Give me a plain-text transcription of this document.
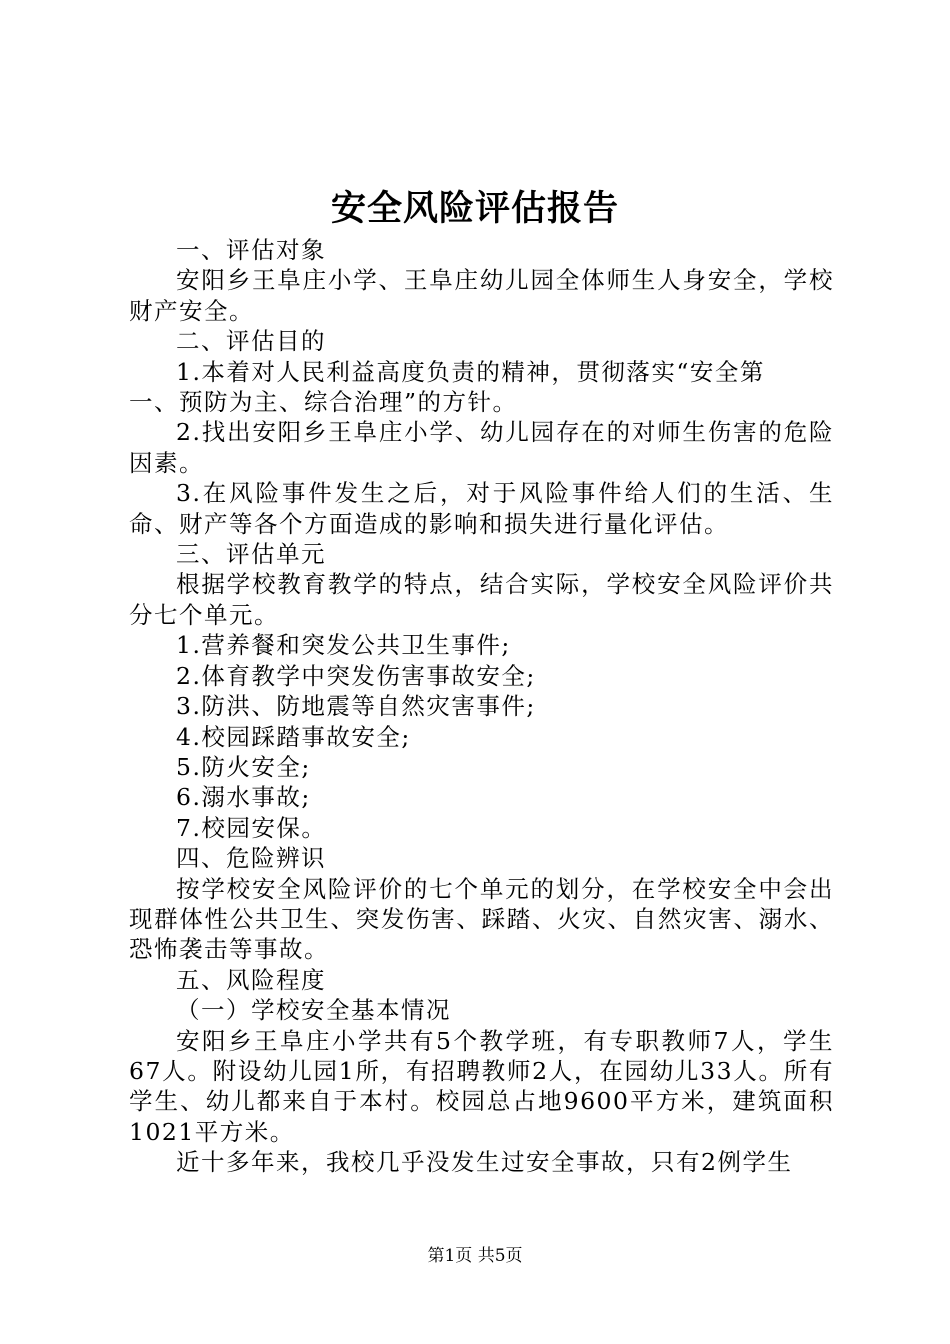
安全风险评估报告

一、评估对象

安阳乡王阜庄小学、王阜庄幼儿园全体师生人身安全，学校财产安全。

二、评估目的

1.本着对人民利益高度负责的精神，贯彻落实“安全第

一、预防为主、综合治理”的方针。

2.找出安阳乡王阜庄小学、幼儿园存在的对师生伤害的危险因素。

3.在风险事件发生之后，对于风险事件给人们的生活、生命、财产等各个方面造成的影响和损失进行量化评估。

三、评估单元

根据学校教育教学的特点，结合实际，学校安全风险评价共分七个单元。

1.营养餐和突发公共卫生事件;

2.体育教学中突发伤害事故安全;

3.防洪、防地震等自然灾害事件;

4.校园踩踏事故安全;

5.防火安全;

6.溺水事故;

7.校园安保。

四、危险辨识

按学校安全风险评价的七个单元的划分，在学校安全中会出现群体性公共卫生、突发伤害、踩踏、火灾、自然灾害、溺水、恐怖袭击等事故。

五、风险程度

（一）学校安全基本情况

安阳乡王阜庄小学共有5个教学班，有专职教师7人，学生67人。附设幼儿园1所，有招聘教师2人，在园幼儿33人。所有学生、幼儿都来自于本村。校园总占地9600平方米，建筑面积1021平方米。

近十多年来，我校几乎没发生过安全事故，只有2例学生

第1页 共5页
